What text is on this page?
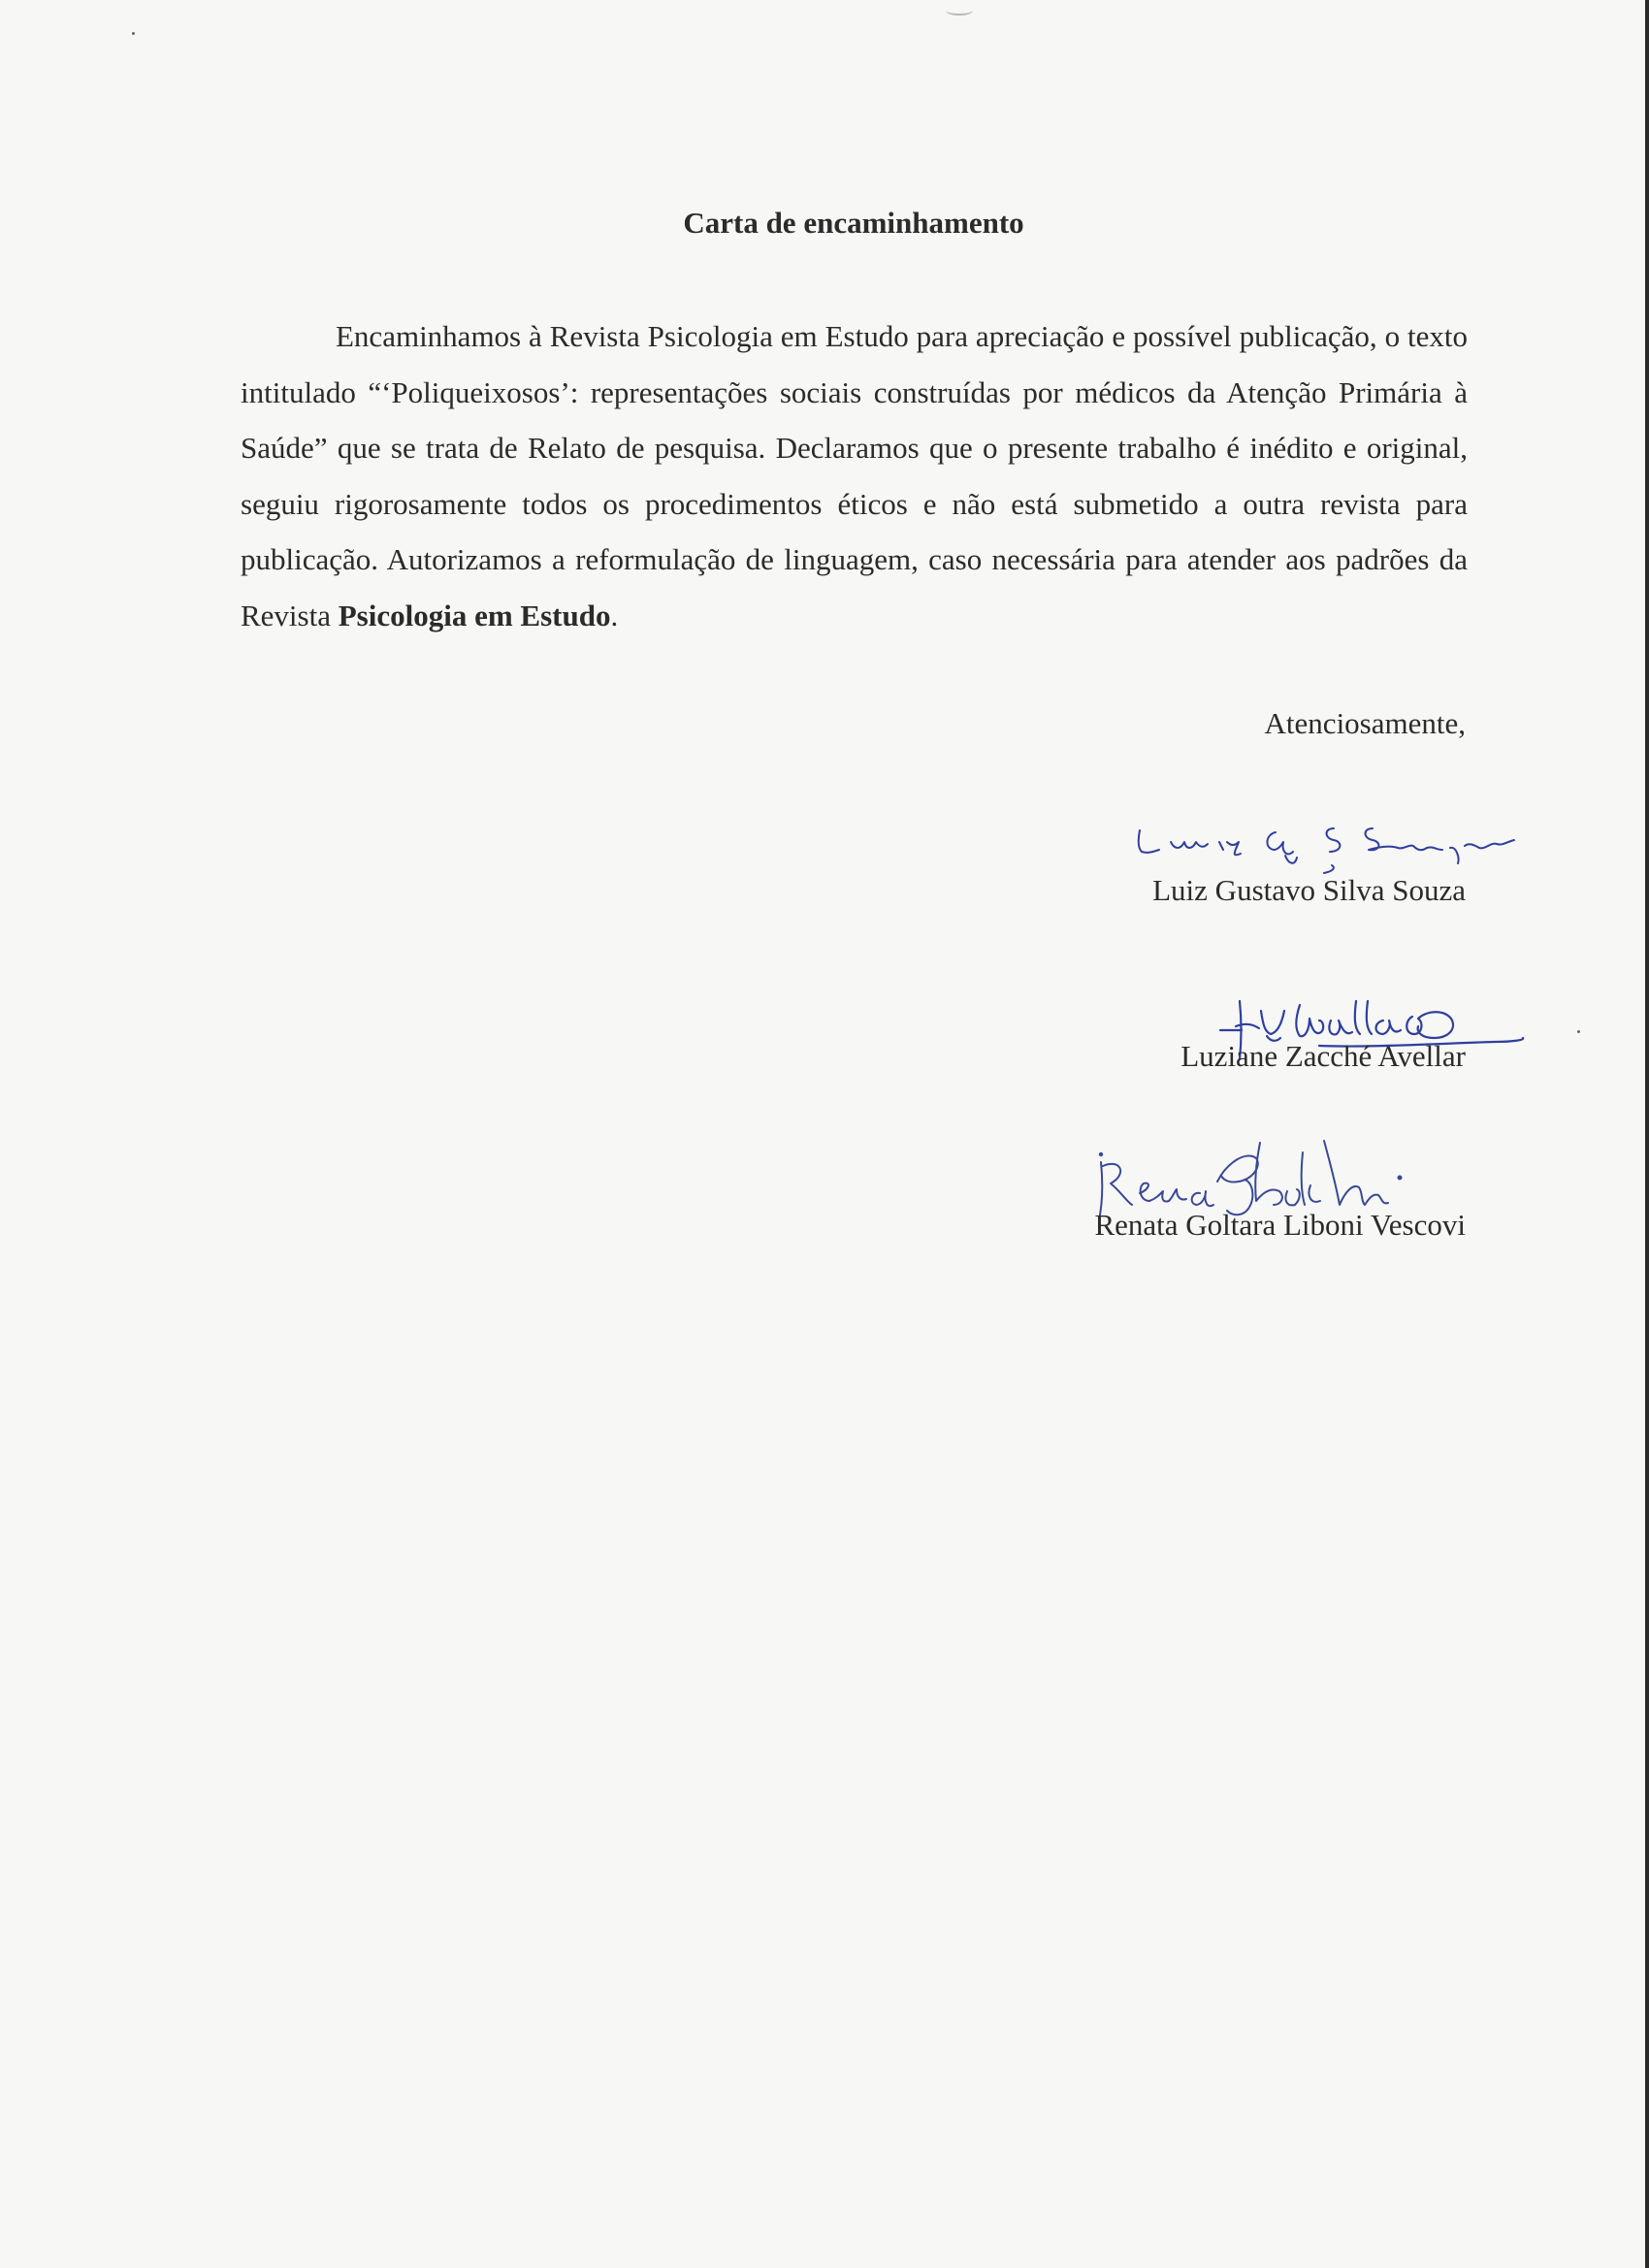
Carta de encaminhamento

Encaminhamos à Revista Psicologia em Estudo para apreciação e possível publicação, o texto intitulado “‘Poliqueixosos’: representações sociais construídas por médicos da Atenção Primária à Saúde” que se trata de Relato de pesquisa. Declaramos que o presente trabalho é inédito e original, seguiu rigorosamente todos os procedimentos éticos e não está submetido a outra revista para publicação. Autorizamos a reformulação de linguagem, caso necessária para atender aos padrões da Revista Psicologia em Estudo.

Atenciosamente,

Luiz Gustavo Silva Souza

Luziane Zacché Avellar

Renata Goltara Liboni Vescovi
